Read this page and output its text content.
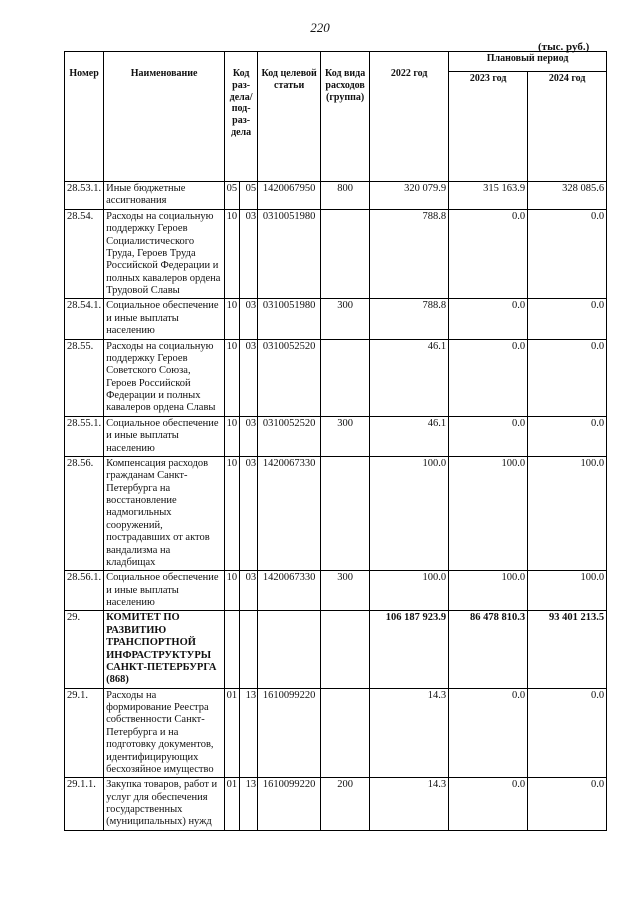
220
(тыс. руб.)
Номер	Наименование	Код раз-дела/ под-раз-дела		Код целевой статьи	Код вида расходов (группа)	2022 год	Плановый период	
							2023 год	2024 год
28.53.1.	Иные бюджетные ассигнования	05	05	1420067950	800	320 079.9	315 163.9	328 085.6
28.54.	Расходы на социальную поддержку Героев Социалистического Труда, Героев Труда Российской Федерации и полных кавалеров ордена Трудовой Славы	10	03	0310051980		788.8	0.0	0.0
28.54.1.	Социальное обеспечение и иные выплаты населению	10	03	0310051980	300	788.8	0.0	0.0
28.55.	Расходы на социальную поддержку Героев Советского Союза, Героев Российской Федерации и полных кавалеров ордена Славы	10	03	0310052520		46.1	0.0	0.0
28.55.1.	Социальное обеспечение и иные выплаты населению	10	03	0310052520	300	46.1	0.0	0.0
28.56.	Компенсация расходов гражданам Санкт-Петербурга на восстановление надмогильных сооружений, пострадавших от актов вандализма на кладбищах	10	03	1420067330		100.0	100.0	100.0
28.56.1.	Социальное обеспечение и иные выплаты населению	10	03	1420067330	300	100.0	100.0	100.0
29.	КОМИТЕТ ПО РАЗВИТИЮ ТРАНСПОРТНОЙ ИНФРАСТРУКТУРЫ САНКТ-ПЕТЕРБУРГА (868)					106 187 923.9	86 478 810.3	93 401 213.5
29.1.	Расходы на формирование Реестра собственности Санкт-Петербурга и на подготовку документов, идентифицирующих бесхозяйное имущество	01	13	1610099220		14.3	0.0	0.0
29.1.1.	Закупка товаров, работ и услуг для обеспечения государственных (муниципальных) нужд	01	13	1610099220	200	14.3	0.0	0.0
